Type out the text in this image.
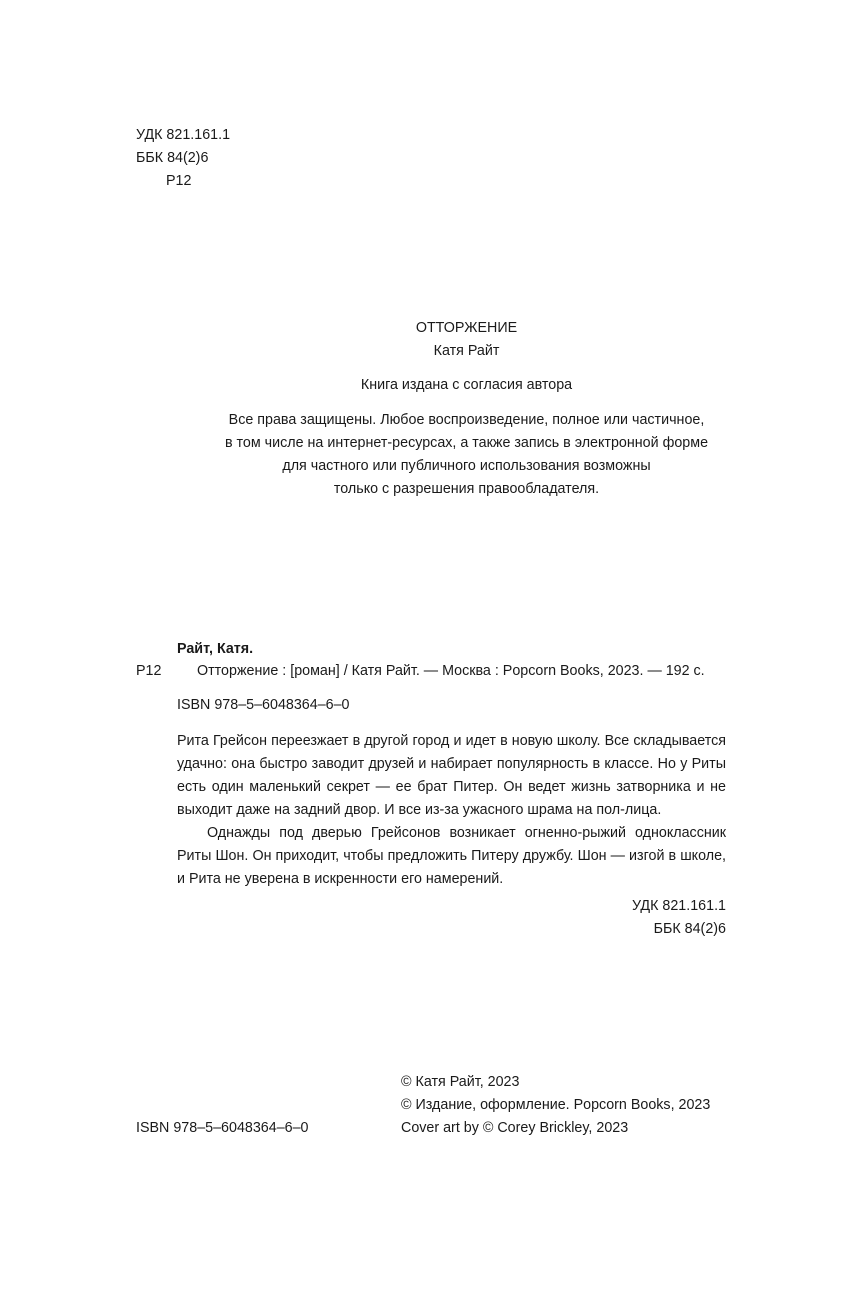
УДК 821.161.1
ББК 84(2)6
Р12
ОТТОРЖЕНИЕ
Катя Райт
Книга издана с согласия автора
Все права защищены. Любое воспроизведение, полное или частичное,
в том числе на интернет-ресурсах, а также запись в электронной форме
для частного или публичного использования возможны
только с разрешения правообладателя.
Райт, Катя.
Р12 Отторжение : [роман] / Катя Райт. — Москва : Popcorn Books, 2023. — 192 с.
ISBN 978–5–6048364–6–0

Рита Грейсон переезжает в другой город и идет в новую школу. Все складывается удачно: она быстро заводит друзей и набирает популярность в классе. Но у Риты есть один маленький секрет — ее брат Питер. Он ведет жизнь затворника и не выходит даже на задний двор. И все из-за ужасного шрама на пол-лица.

Однажды под дверью Грейсонов возникает огненно-рыжий одноклассник Риты Шон. Он приходит, чтобы предложить Питеру дружбу. Шон — изгой в школе, и Рита не уверена в искренности его намерений.

УДК 821.161.1
ББК 84(2)6
© Катя Райт, 2023
© Издание, оформление. Popcorn Books, 2023
Cover art by © Corey Brickley, 2023
ISBN 978–5–6048364–6–0
